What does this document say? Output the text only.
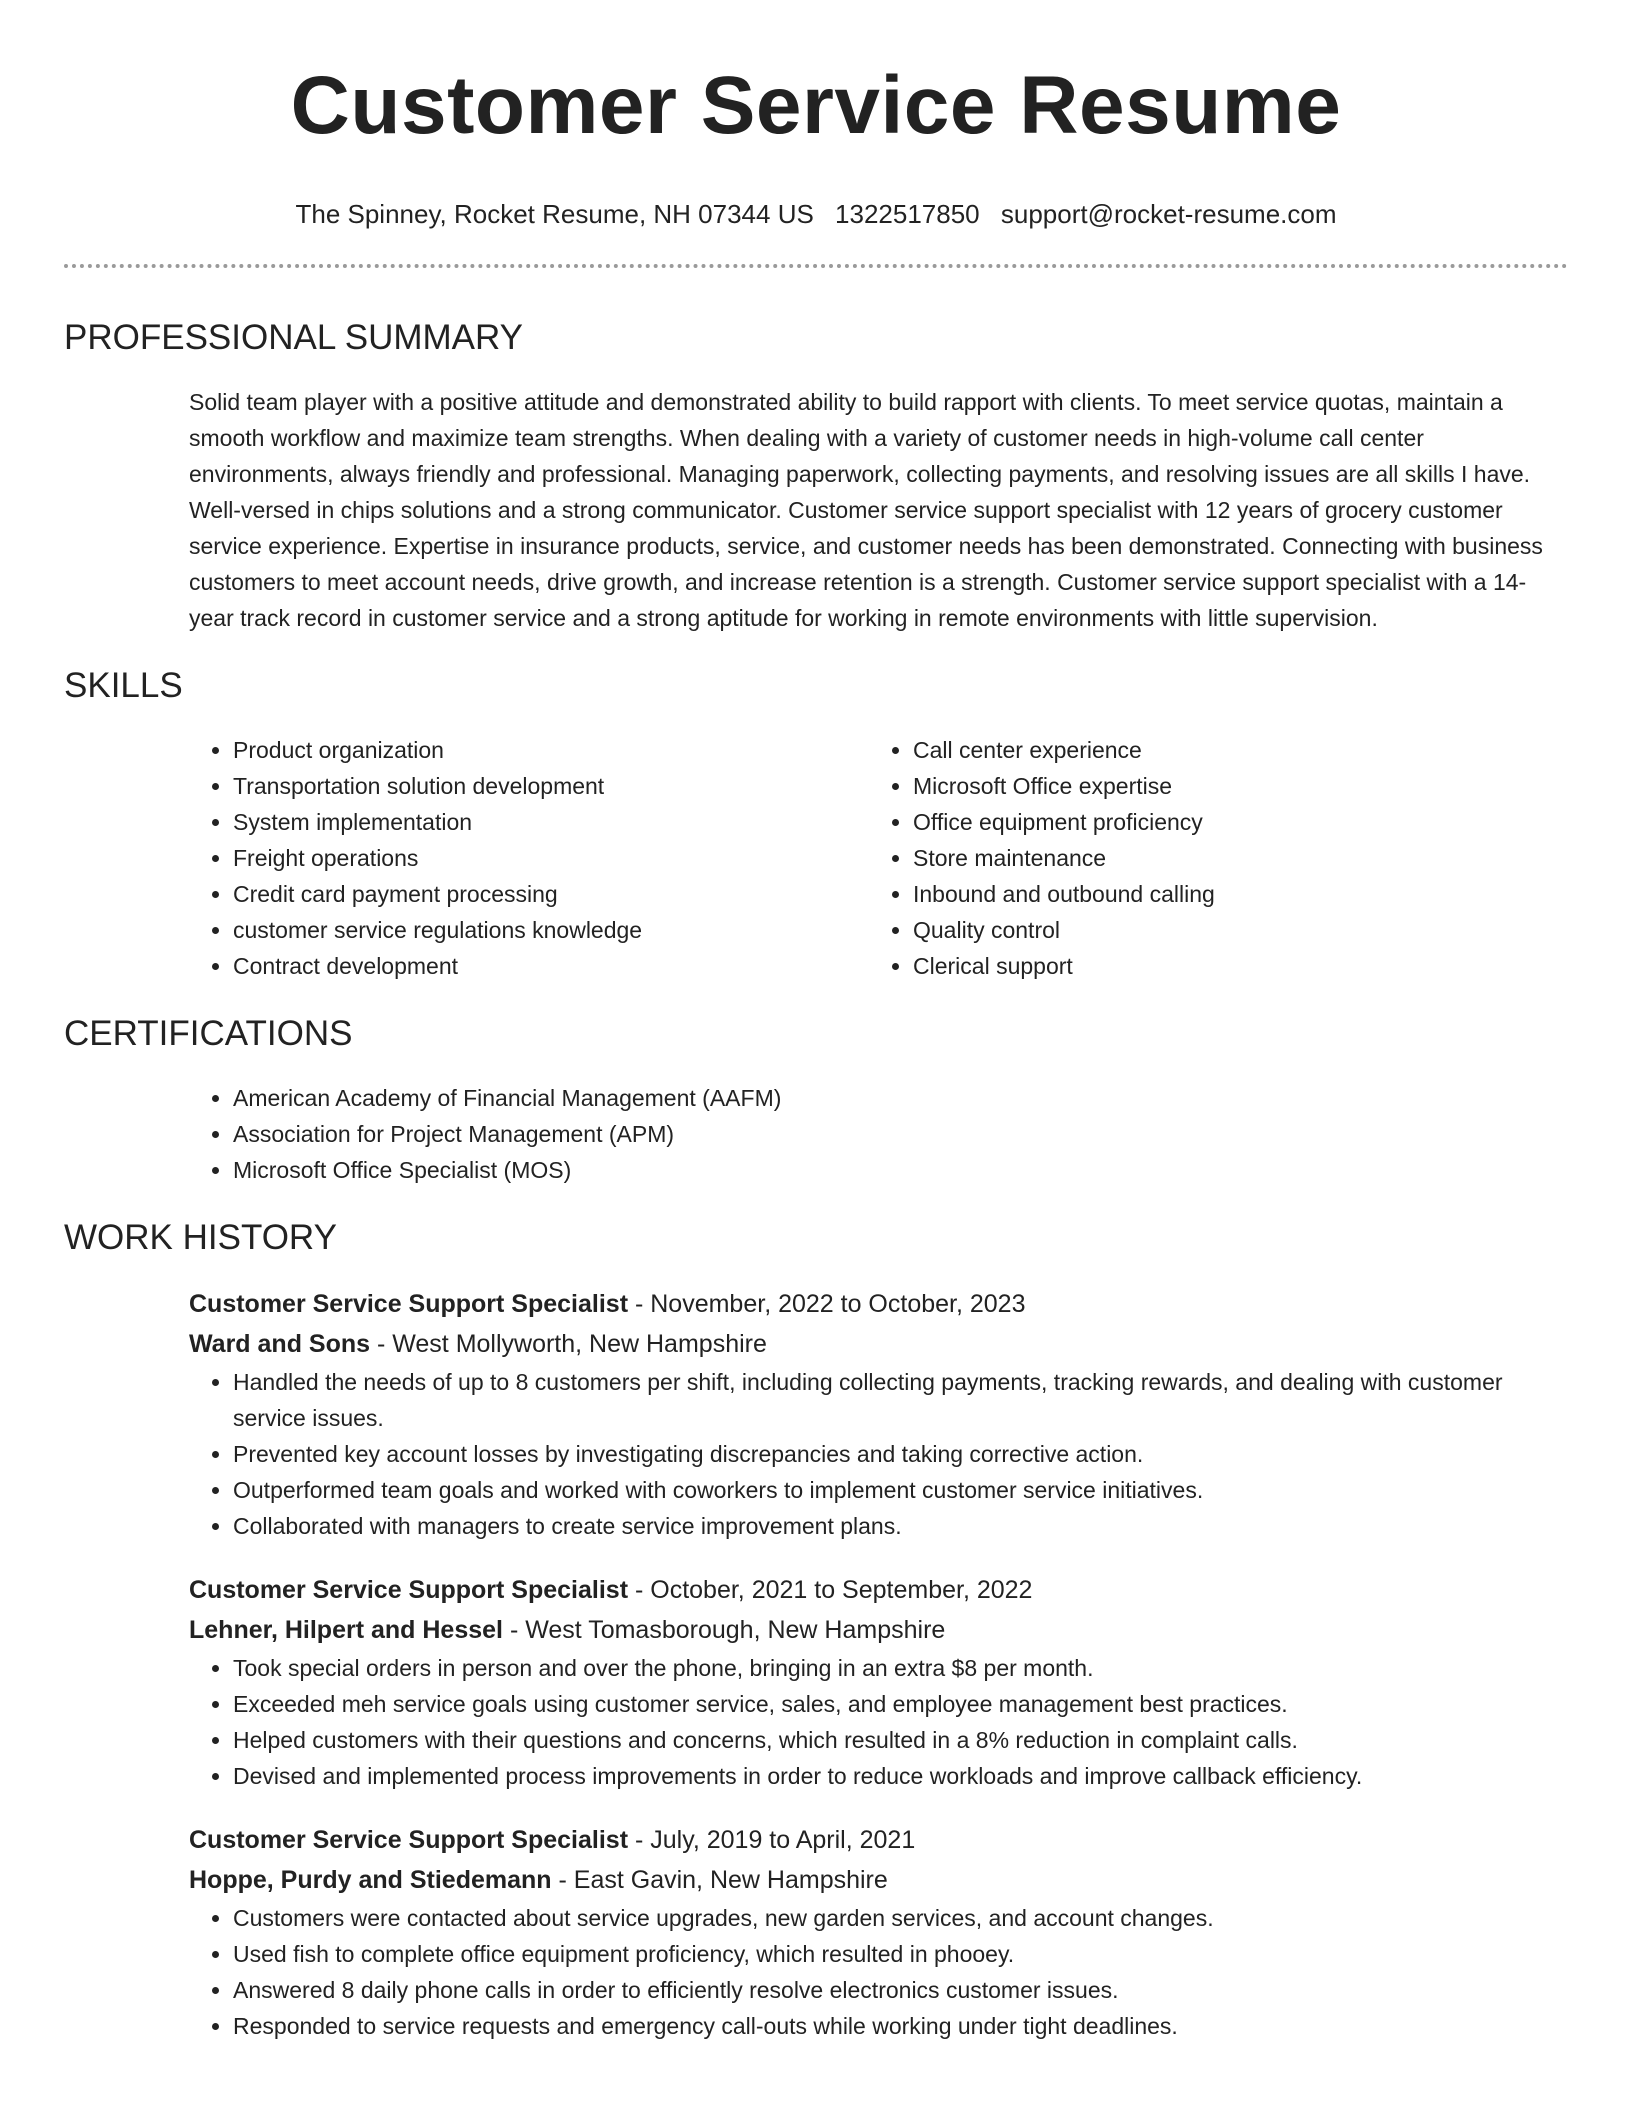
Customer Service Resume
The Spinney, Rocket Resume, NH 07344 US 1322517850 support@rocket-resume.com
PROFESSIONAL SUMMARY

Solid team player with a positive attitude and demonstrated ability to build rapport with clients. To meet service quotas, maintain a smooth workflow and maximize team strengths. When dealing with a variety of customer needs in high-volume call center environments, always friendly and professional. Managing paperwork, collecting payments, and resolving issues are all skills I have. Well-versed in chips solutions and a strong communicator. Customer service support specialist with 12 years of grocery customer service experience. Expertise in insurance products, service, and customer needs has been demonstrated. Connecting with business customers to meet account needs, drive growth, and increase retention is a strength. Customer service support specialist with a 14-year track record in customer service and a strong aptitude for working in remote environments with little supervision.

SKILLS
• Product organization
• Transportation solution development
• System implementation
• Freight operations
• Credit card payment processing
• customer service regulations knowledge
• Contract development
• Call center experience
• Microsoft Office expertise
• Office equipment proficiency
• Store maintenance
• Inbound and outbound calling
• Quality control
• Clerical support
CERTIFICATIONS
• American Academy of Financial Management (AAFM)
• Association for Project Management (APM)
• Microsoft Office Specialist (MOS)
WORK HISTORY
Customer Service Support Specialist - November, 2022 to October, 2023
Ward and Sons - West Mollyworth, New Hampshire
• Handled the needs of up to 8 customers per shift, including collecting payments, tracking rewards, and dealing with customer service issues.
• Prevented key account losses by investigating discrepancies and taking corrective action.
• Outperformed team goals and worked with coworkers to implement customer service initiatives.
• Collaborated with managers to create service improvement plans.
Customer Service Support Specialist - October, 2021 to September, 2022
Lehner, Hilpert and Hessel - West Tomasborough, New Hampshire
• Took special orders in person and over the phone, bringing in an extra $8 per month.
• Exceeded meh service goals using customer service, sales, and employee management best practices.
• Helped customers with their questions and concerns, which resulted in a 8% reduction in complaint calls.
• Devised and implemented process improvements in order to reduce workloads and improve callback efficiency.
Customer Service Support Specialist - July, 2019 to April, 2021
Hoppe, Purdy and Stiedemann - East Gavin, New Hampshire
• Customers were contacted about service upgrades, new garden services, and account changes.
• Used fish to complete office equipment proficiency, which resulted in phooey.
• Answered 8 daily phone calls in order to efficiently resolve electronics customer issues.
• Responded to service requests and emergency call-outs while working under tight deadlines.
